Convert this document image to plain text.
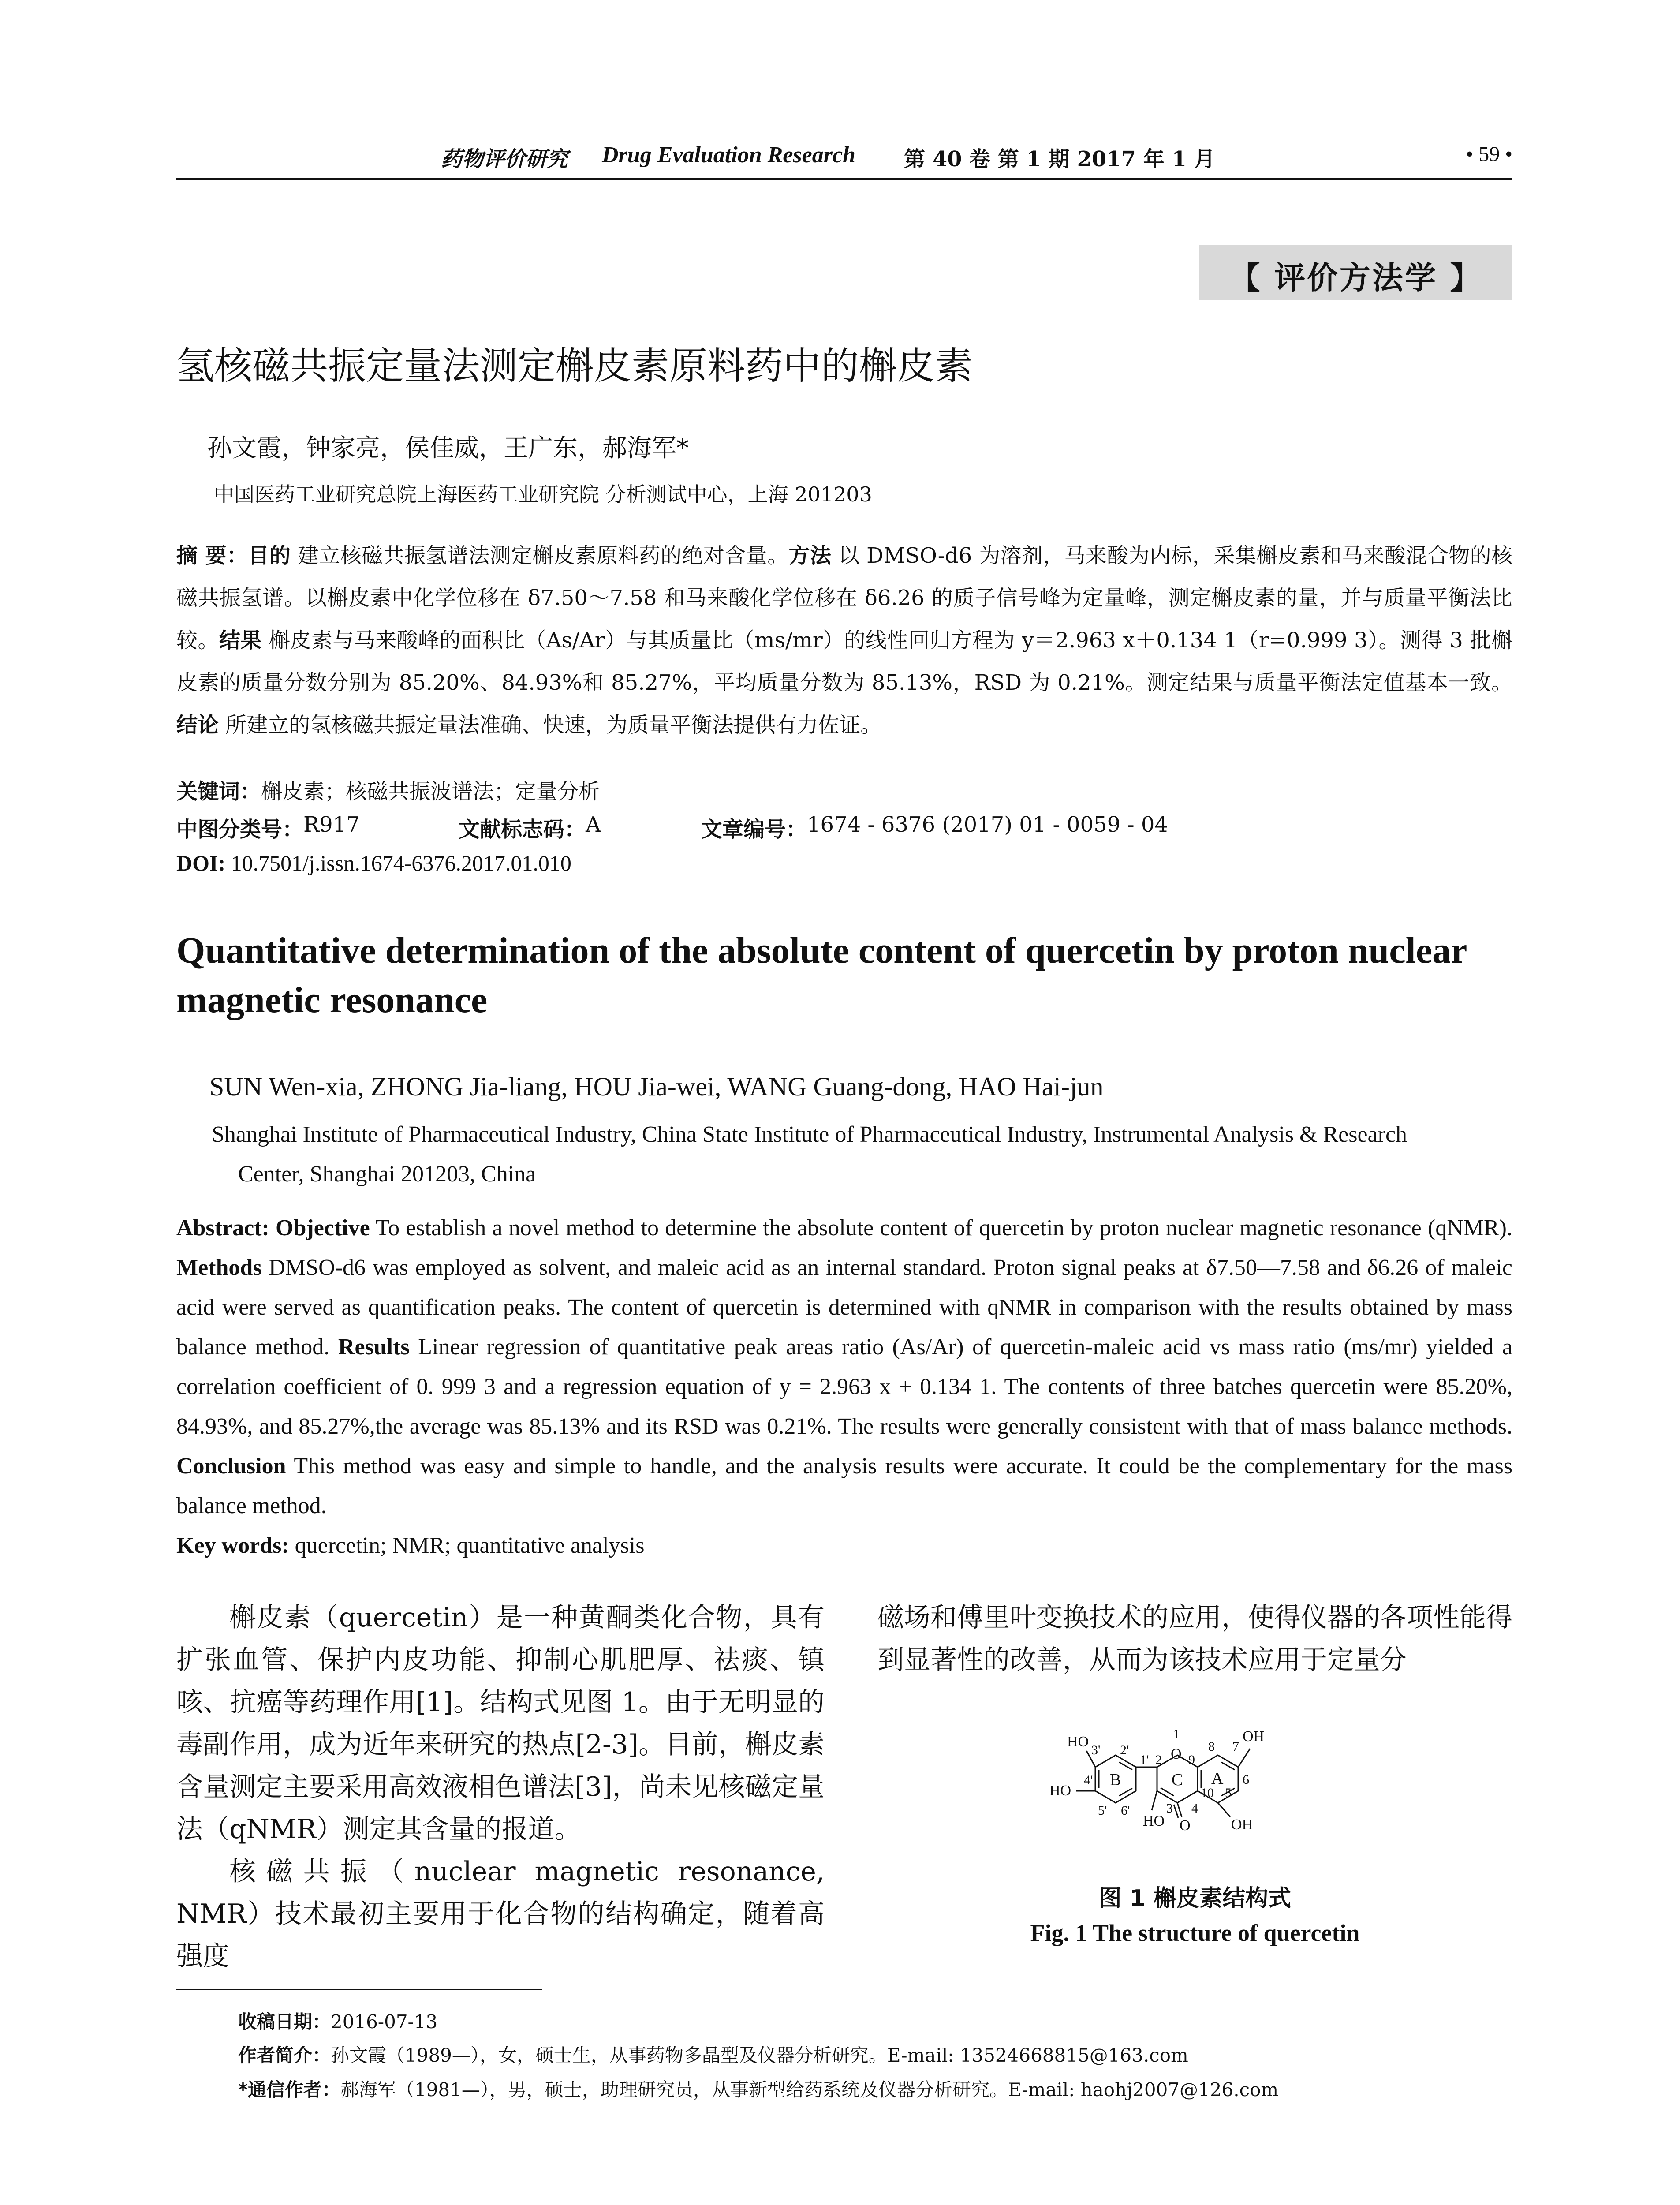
药物评价研究 Drug Evaluation Research 第 40 卷 第 1 期 2017 年 1 月	• 59 •
【 评价方法学 】
氢核磁共振定量法测定槲皮素原料药中的槲皮素
孙文霞，钟家亮，侯佳威，王广东，郝海军*
中国医药工业研究总院上海医药工业研究院 分析测试中心，上海 201203
摘 要：目的 建立核磁共振氢谱法测定槲皮素原料药的绝对含量。方法 以 DMSO-d6 为溶剂，马来酸为内标，采集槲皮素和马来酸混合物的核磁共振氢谱。以槲皮素中化学位移在 δ7.50～7.58 和马来酸化学位移在 δ6.26 的质子信号峰为定量峰，测定槲皮素的量，并与质量平衡法比较。结果 槲皮素与马来酸峰的面积比（As/Ar）与其质量比（ms/mr）的线性回归方程为 y＝2.963 x＋0.134 1（r=0.999 3）。测得 3 批槲皮素的质量分数分别为 85.20%、84.93%和 85.27%，平均质量分数为 85.13%，RSD 为 0.21%。测定结果与质量平衡法定值基本一致。结论 所建立的氢核磁共振定量法准确、快速，为质量平衡法提供有力佐证。
关键词：槲皮素；核磁共振波谱法；定量分析
中图分类号： R917	文献标志码： A	文章编号： 1674 - 6376 (2017) 01 - 0059 - 04
DOI: 10.7501/j.issn.1674-6376.2017.01.010
Quantitative determination of the absolute content of quercetin by proton nuclear magnetic resonance
SUN Wen-xia, ZHONG Jia-liang, HOU Jia-wei, WANG Guang-dong, HAO Hai-jun
Shanghai Institute of Pharmaceutical Industry, China State Institute of Pharmaceutical Industry, Instrumental Analysis & Research
Center, Shanghai 201203, China
Abstract: Objective To establish a novel method to determine the absolute content of quercetin by proton nuclear magnetic resonance (qNMR). Methods DMSO-d6 was employed as solvent, and maleic acid as an internal standard. Proton signal peaks at δ7.50—7.58 and δ6.26 of maleic acid were served as quantification peaks. The content of quercetin is determined with qNMR in comparison with the results obtained by mass balance method. Results Linear regression of quantitative peak areas ratio (As/Ar) of quercetin-maleic acid vs mass ratio (ms/mr) yielded a correlation coefficient of 0. 999 3 and a regression equation of y = 2.963 x + 0.134 1. The contents of three batches quercetin were 85.20%, 84.93%, and 85.27%,the average was 85.13% and its RSD was 0.21%. The results were generally consistent with that of mass balance methods. Conclusion This method was easy and simple to handle, and the analysis results were accurate. It could be the complementary for the mass balance method.
Key words: quercetin; NMR; quantitative analysis

槲皮素（quercetin）是一种黄酮类化合物，具有扩张血管、保护内皮功能、抑制心肌肥厚、祛痰、镇咳、抗癌等药理作用[1]。结构式见图 1。由于无明显的毒副作用，成为近年来研究的热点[2-3]。目前，槲皮素含量测定主要采用高效液相色谱法[3]，尚未见核磁定量法（qNMR）测定其含量的报道。

核磁共振（nuclear magnetic resonance, NMR）技术最初主要用于化合物的结构确定，随着高强度

磁场和傅里叶变换技术的应用，使得仪器的各项性能得到显著性的改善，从而为该技术应用于定量分

HO
HO
OH
OH
HO O
O
A
B	C
1
2
3 4
5
6
7
8
9
10
1'
2'
3'
4'
5' 6'
图 1 槲皮素结构式
Fig. 1 The structure of quercetin
收稿日期：2016-07-13
作者简介：孙文霞（1989—），女，硕士生，从事药物多晶型及仪器分析研究。E-mail: 13524668815@163.com
*通信作者：郝海军（1981—），男，硕士，助理研究员，从事新型给药系统及仪器分析研究。E-mail: haohj2007@126.com
